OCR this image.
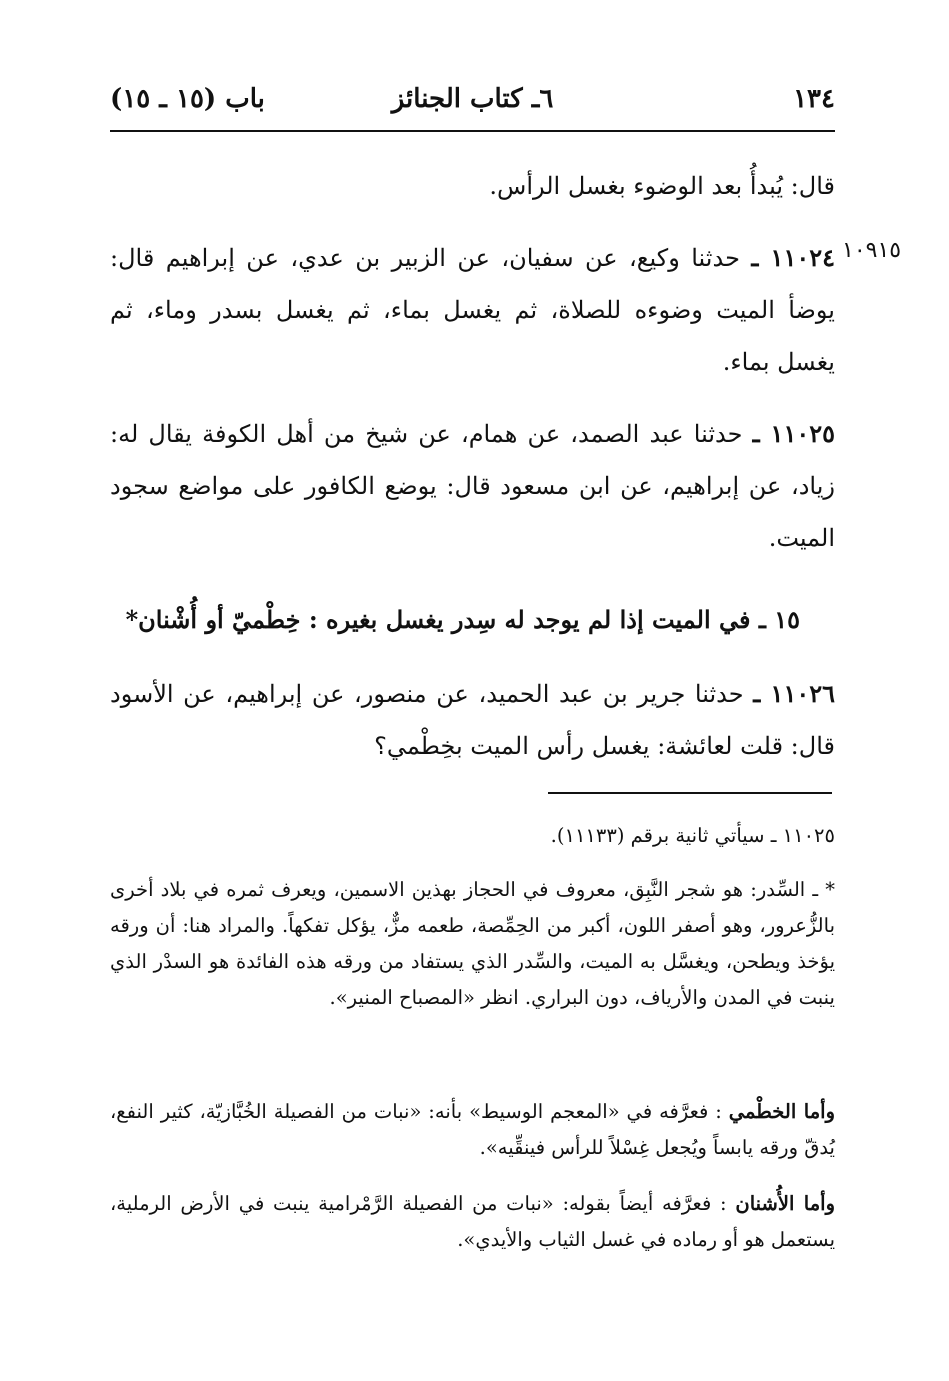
١٣٤
٦ـ كتاب الجنائز
باب (١٥ ـ ١٥)
قال: يُبدأُ بعد الوضوء بغسل الرأس.
١٠٩١٥
١١٠٢٤ ـ حدثنا وكيع، عن سفيان، عن الزبير بن عدي، عن إبراهيم قال: يوضأ الميت وضوءه للصلاة، ثم يغسل بماء، ثم يغسل بسدر وماء، ثم يغسل بماء.
١١٠٢٥ ـ حدثنا عبد الصمد، عن همام، عن شيخ من أهل الكوفة يقال له: زياد، عن إبراهيم، عن ابن مسعود قال: يوضع الكافور على مواضع سجود الميت.
١٥ ـ في الميت إذا لم يوجد له سِدر يغسل بغيره : خِطْميّ أو أُشْنان*
١١٠٢٦ ـ حدثنا جرير بن عبد الحميد، عن منصور، عن إبراهيم، عن الأسود قال: قلت لعائشة: يغسل رأس الميت بخِطْمي؟
١١٠٢٥ ـ سيأتي ثانية برقم (١١١٣٣).
* ـ السِّدر: هو شجر النَّبِق، معروف في الحجاز بهذين الاسمين، ويعرف ثمره في بلاد أخرى بالزُّعرور، وهو أصفر اللون، أكبر من الحِمِّصة، طعمه مزٌّ، يؤكل تفكهاً. والمراد هنا: أن ورقه يؤخذ ويطحن، ويغسَّل به الميت، والسِّدر الذي يستفاد من ورقه هذه الفائدة هو السدْر الذي ينبت في المدن والأرياف، دون البراري. انظر «المصباح المنير».
وأما الخطْمي : فعرَّفه في «المعجم الوسيط» بأنه: «نبات من الفصيلة الخُبَّازيّة، كثير النفع، يُدقّ ورقه يابساً ويُجعل غِسْلاً للرأس فينقِّيه».
وأما الأُشنان : فعرَّفه أيضاً بقوله: «نبات من الفصيلة الرَّمْرامية ينبت في الأرض الرملية، يستعمل هو أو رماده في غسل الثياب والأيدي».
